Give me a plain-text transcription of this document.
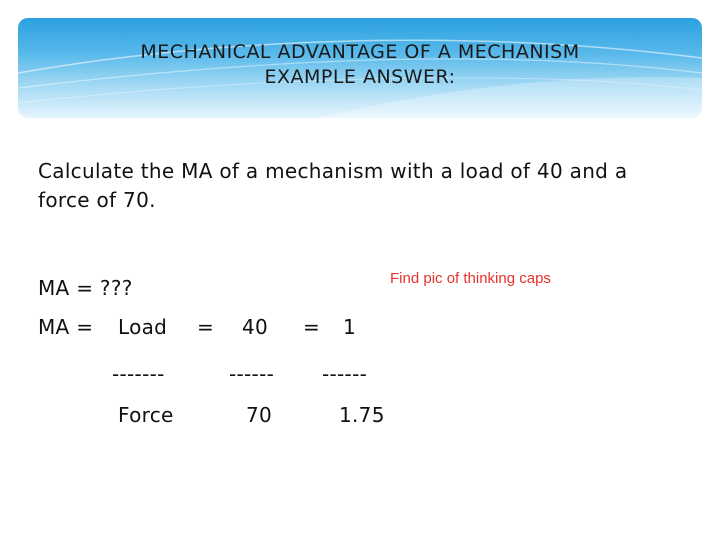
MECHANICAL ADVANTAGE OF A MECHANISM
EXAMPLE ANSWER:
Calculate the MA of a mechanism with a load of 40 and a
force of 70.
Find pic of thinking caps
MA = ???
MA = Load
-------
Force
= 40
------
70
= 1
------
1.75
